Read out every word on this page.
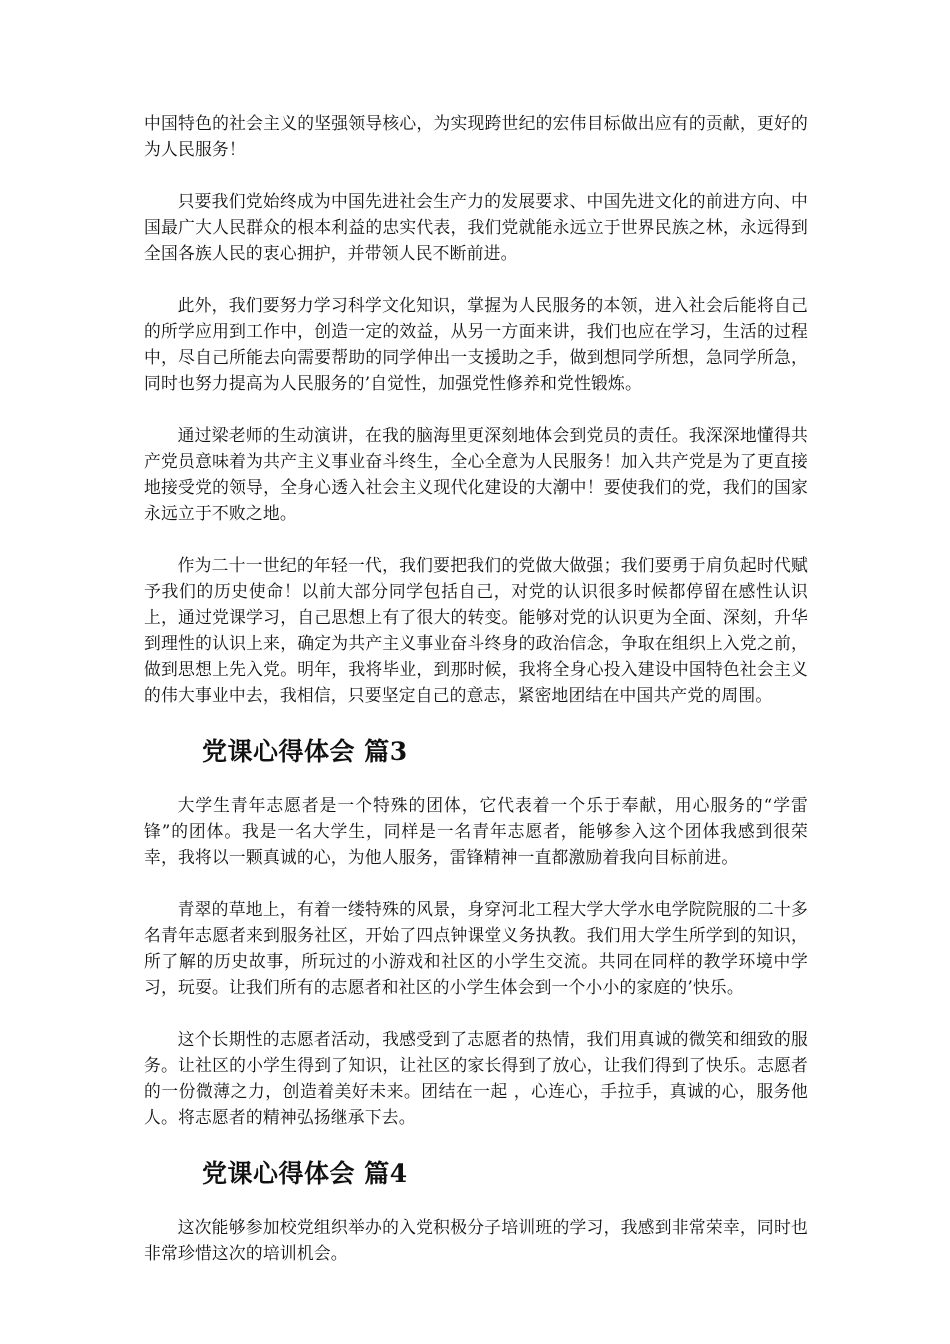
中国特色的社会主义的坚强领导核心，为实现跨世纪的宏伟目标做出应有的贡献，更好的为人民服务！

只要我们党始终成为中国先进社会生产力的发展要求、中国先进文化的前进方向、中国最广大人民群众的根本利益的忠实代表，我们党就能永远立于世界民族之林，永远得到全国各族人民的衷心拥护，并带领人民不断前进。

此外，我们要努力学习科学文化知识，掌握为人民服务的本领，进入社会后能将自己的所学应用到工作中，创造一定的效益，从另一方面来讲，我们也应在学习，生活的过程中，尽自己所能去向需要帮助的同学伸出一支援助之手，做到想同学所想，急同学所急，同时也努力提高为人民服务的’自觉性，加强党性修养和党性锻炼。

通过梁老师的生动演讲，在我的脑海里更深刻地体会到党员的责任。我深深地懂得共产党员意味着为共产主义事业奋斗终生，全心全意为人民服务！加入共产党是为了更直接地接受党的领导，全身心透入社会主义现代化建设的大潮中！要使我们的党，我们的国家永远立于不败之地。

作为二十一世纪的年轻一代，我们要把我们的党做大做强；我们要勇于肩负起时代赋予我们的历史使命！以前大部分同学包括自己，对党的认识很多时候都停留在感性认识上，通过党课学习，自己思想上有了很大的转变。能够对党的认识更为全面、深刻，升华到理性的认识上来，确定为共产主义事业奋斗终身的政治信念，争取在组织上入党之前，做到思想上先入党。明年，我将毕业，到那时候，我将全身心投入建设中国特色社会主义的伟大事业中去，我相信，只要坚定自己的意志，紧密地团结在中国共产党的周围。

党课心得体会 篇3

大学生青年志愿者是一个特殊的团体，它代表着一个乐于奉献，用心服务的“学雷锋”的团体。我是一名大学生，同样是一名青年志愿者，能够参入这个团体我感到很荣幸，我将以一颗真诚的心，为他人服务，雷锋精神一直都激励着我向目标前进。

青翠的草地上，有着一缕特殊的风景，身穿河北工程大学大学水电学院院服的二十多名青年志愿者来到服务社区，开始了四点钟课堂义务执教。我们用大学生所学到的知识，所了解的历史故事，所玩过的小游戏和社区的小学生交流。共同在同样的教学环境中学习，玩耍。让我们所有的志愿者和社区的小学生体会到一个小小的家庭的’快乐。

这个长期性的志愿者活动，我感受到了志愿者的热情，我们用真诚的微笑和细致的服务。让社区的小学生得到了知识，让社区的家长得到了放心，让我们得到了快乐。志愿者的一份微薄之力，创造着美好未来。团结在一起 ，心连心，手拉手，真诚的心，服务他人。将志愿者的精神弘扬继承下去。

党课心得体会 篇4

这次能够参加校党组织举办的入党积极分子培训班的学习，我感到非常荣幸，同时也非常珍惜这次的培训机会。
